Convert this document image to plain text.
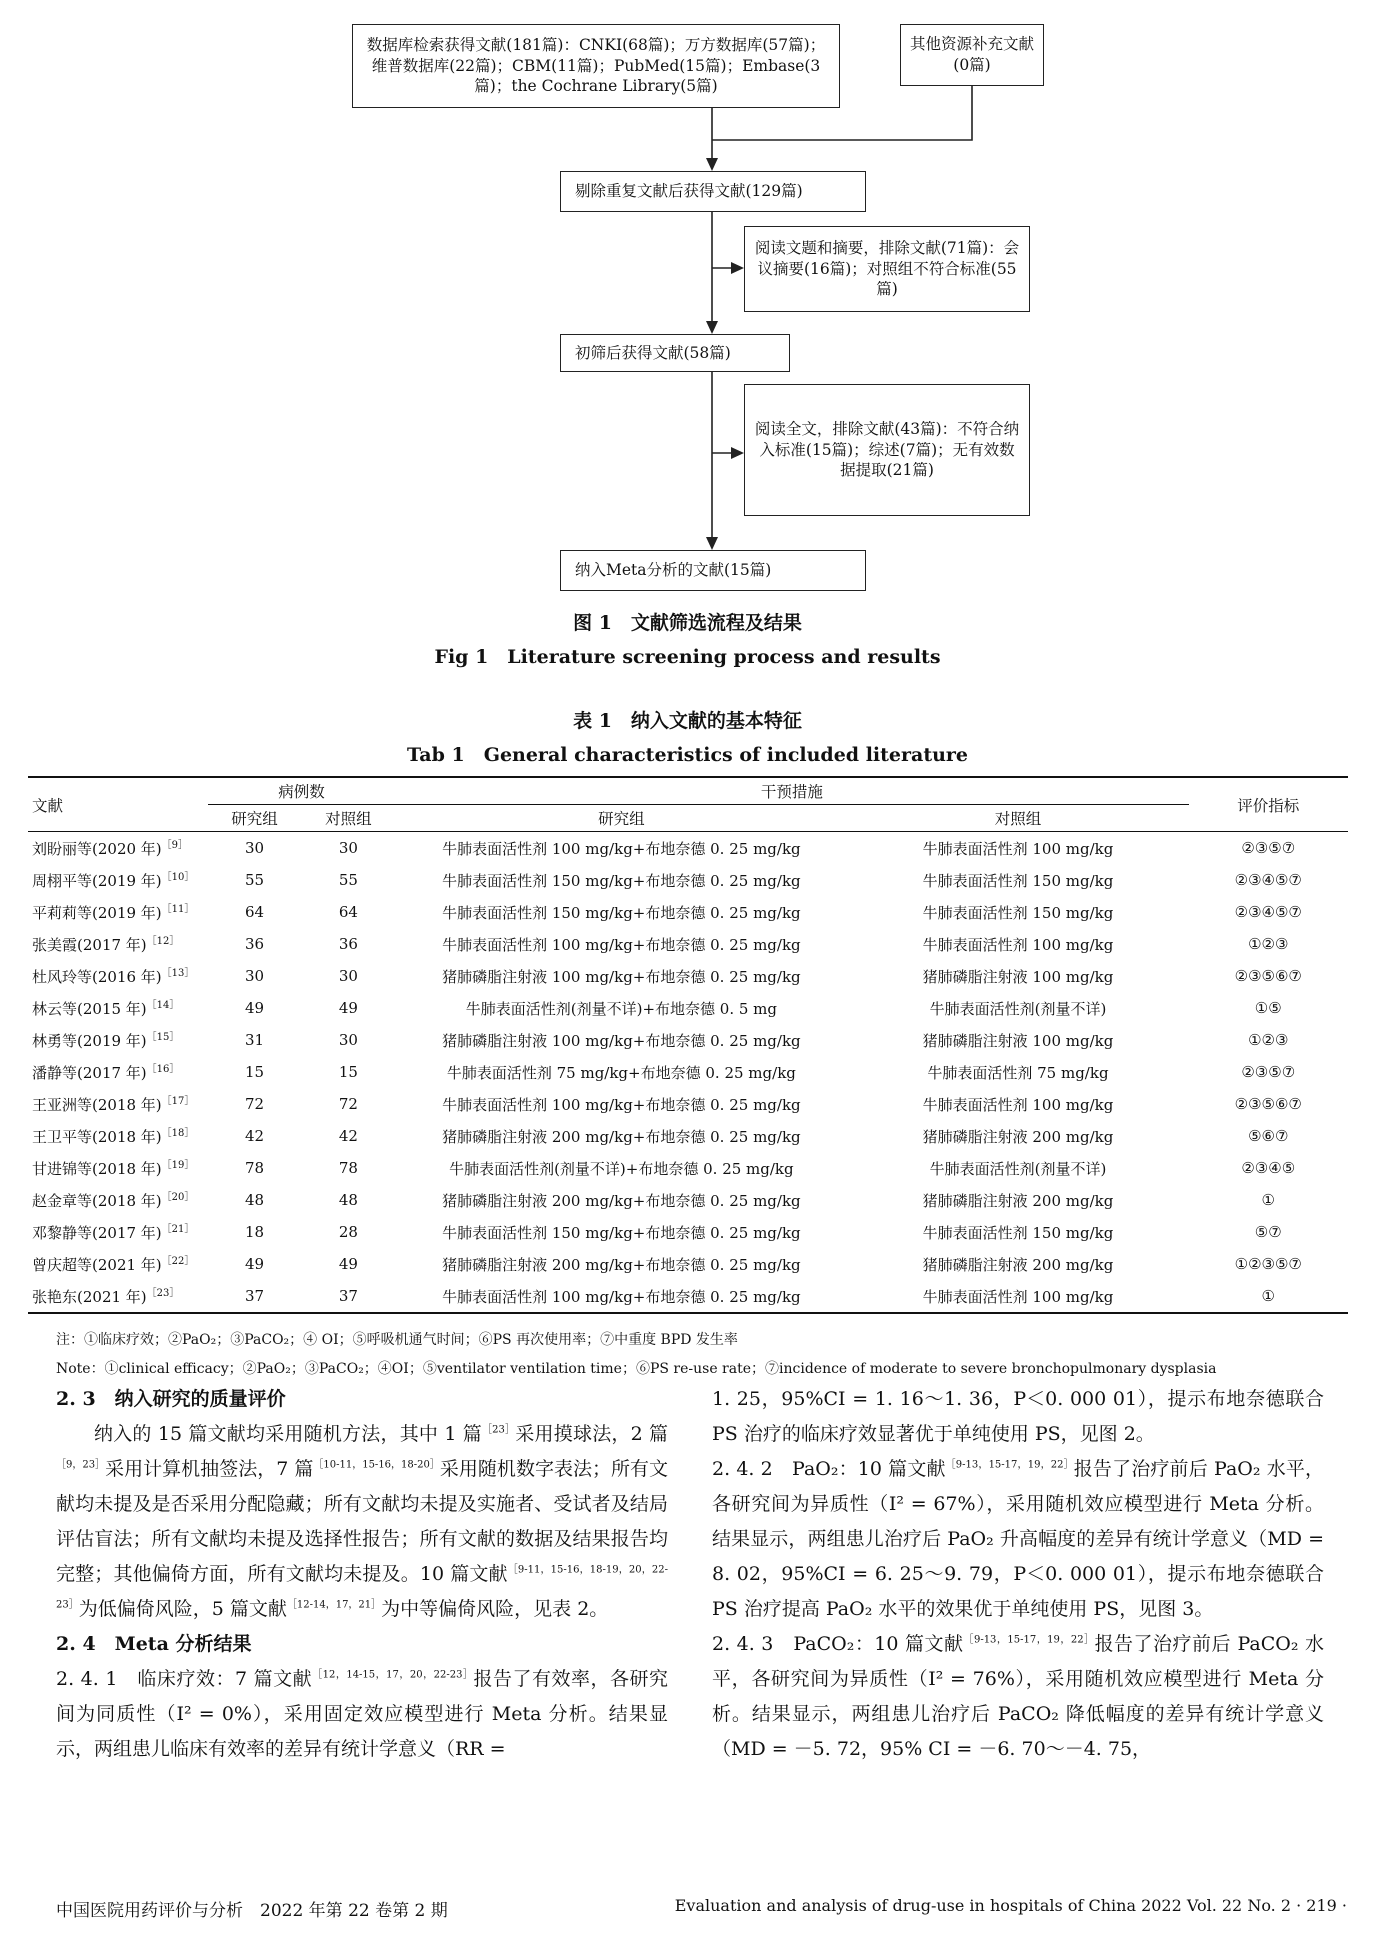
数据库检索获得文献(181篇)：CNKI(68篇)；万方数据库(57篇)；维普数据库(22篇)；CBM(11篇)；PubMed(15篇)；Embase(3篇)；the Cochrane Library(5篇)
其他资源补充文献(0篇)
剔除重复文献后获得文献(129篇)
阅读文题和摘要，排除文献(71篇)：会议摘要(16篇)；对照组不符合标准(55篇)
初筛后获得文献(58篇)
阅读全文，排除文献(43篇)：不符合纳入标准(15篇)；综述(7篇)；无有效数据提取(21篇)
纳入Meta分析的文献(15篇)
图 1　文献筛选流程及结果
Fig 1　Literature screening process and results
表 1　纳入文献的基本特征
Tab 1　General characteristics of included literature
文献	病例数		干预措施		评价指标
	研究组	对照组	研究组	对照组	
刘盼丽等(2020 年)$^{[9]}$	30	30	牛肺表面活性剂 100 mg/kg+布地奈德 0. 25 mg/kg	牛肺表面活性剂 100 mg/kg	②③⑤⑦
周栩平等(2019 年)$^{[10]}$	55	55	牛肺表面活性剂 150 mg/kg+布地奈德 0. 25 mg/kg	牛肺表面活性剂 150 mg/kg	②③④⑤⑦
平莉莉等(2019 年)$^{[11]}$	64	64	牛肺表面活性剂 150 mg/kg+布地奈德 0. 25 mg/kg	牛肺表面活性剂 150 mg/kg	②③④⑤⑦
张美霞(2017 年)$^{[12]}$	36	36	牛肺表面活性剂 100 mg/kg+布地奈德 0. 25 mg/kg	牛肺表面活性剂 100 mg/kg	①②③
杜风玲等(2016 年)$^{[13]}$	30	30	猪肺磷脂注射液 100 mg/kg+布地奈德 0. 25 mg/kg	猪肺磷脂注射液 100 mg/kg	②③⑤⑥⑦
林云等(2015 年)$^{[14]}$	49	49	牛肺表面活性剂(剂量不详)+布地奈德 0. 5 mg	牛肺表面活性剂(剂量不详)	①⑤
林勇等(2019 年)$^{[15]}$	31	30	猪肺磷脂注射液 100 mg/kg+布地奈德 0. 25 mg/kg	猪肺磷脂注射液 100 mg/kg	①②③
潘静等(2017 年)$^{[16]}$	15	15	牛肺表面活性剂 75 mg/kg+布地奈德 0. 25 mg/kg	牛肺表面活性剂 75 mg/kg	②③⑤⑦
王亚洲等(2018 年)$^{[17]}$	72	72	牛肺表面活性剂 100 mg/kg+布地奈德 0. 25 mg/kg	牛肺表面活性剂 100 mg/kg	②③⑤⑥⑦
王卫平等(2018 年)$^{[18]}$	42	42	猪肺磷脂注射液 200 mg/kg+布地奈德 0. 25 mg/kg	猪肺磷脂注射液 200 mg/kg	⑤⑥⑦
甘进锦等(2018 年)$^{[19]}$	78	78	牛肺表面活性剂(剂量不详)+布地奈德 0. 25 mg/kg	牛肺表面活性剂(剂量不详)	②③④⑤
赵金章等(2018 年)$^{[20]}$	48	48	猪肺磷脂注射液 200 mg/kg+布地奈德 0. 25 mg/kg	猪肺磷脂注射液 200 mg/kg	①
邓黎静等(2017 年)$^{[21]}$	18	28	牛肺表面活性剂 150 mg/kg+布地奈德 0. 25 mg/kg	牛肺表面活性剂 150 mg/kg	⑤⑦
曾庆超等(2021 年)$^{[22]}$	49	49	猪肺磷脂注射液 200 mg/kg+布地奈德 0. 25 mg/kg	猪肺磷脂注射液 200 mg/kg	①②③⑤⑦
张艳东(2021 年)$^{[23]}$	37	37	牛肺表面活性剂 100 mg/kg+布地奈德 0. 25 mg/kg	牛肺表面活性剂 100 mg/kg	①
注：①临床疗效；②PaO₂；③PaCO₂；④ OI；⑤呼吸机通气时间；⑥PS 再次使用率；⑦中重度 BPD 发生率
Note：①clinical efficacy；②PaO₂；③PaCO₂；④OI；⑤ventilator ventilation time；⑥PS re-use rate；⑦incidence of moderate to severe bronchopulmonary dysplasia

2. 3　纳入研究的质量评价

纳入的 15 篇文献均采用随机方法，其中 1 篇$^{[23]}$采用摸球法，2 篇$^{[9,23]}$采用计算机抽签法，7 篇$^{[10-11,15-16,18-20]}$采用随机数字表法；所有文献均未提及是否采用分配隐藏；所有文献均未提及实施者、受试者及结局评估盲法；所有文献均未提及选择性报告；所有文献的数据及结果报告均完整；其他偏倚方面，所有文献均未提及。10 篇文献$^{[9-11,15-16,18-19,20,22-23]}$为低偏倚风险，5 篇文献$^{[12-14,17,21]}$为中等偏倚风险，见表 2。

2. 4　Meta 分析结果

2. 4. 1　临床疗效：7 篇文献$^{[12,14-15,17,20,22-23]}$报告了有效率，各研究间为同质性（I² = 0%），采用固定效应模型进行 Meta 分析。结果显示，两组患儿临床有效率的差异有统计学意义（RR =

1. 25，95%CI = 1. 16～1. 36，P＜0. 000 01），提示布地奈德联合 PS 治疗的临床疗效显著优于单纯使用 PS，见图 2。

2. 4. 2　PaO₂：10 篇文献$^{[9-13,15-17,19,22]}$报告了治疗前后 PaO₂ 水平，各研究间为异质性（I² = 67%），采用随机效应模型进行 Meta 分析。结果显示，两组患儿治疗后 PaO₂ 升高幅度的差异有统计学意义（MD = 8. 02，95%CI = 6. 25～9. 79，P＜0. 000 01），提示布地奈德联合 PS 治疗提高 PaO₂ 水平的效果优于单纯使用 PS，见图 3。

2. 4. 3　PaCO₂：10 篇文献$^{[9-13,15-17,19,22]}$报告了治疗前后 PaCO₂ 水平，各研究间为异质性（I² = 76%），采用随机效应模型进行 Meta 分析。结果显示，两组患儿治疗后 PaCO₂ 降低幅度的差异有统计学意义（MD = －5. 72，95% CI = －6. 70～－4. 75，

中国医院用药评价与分析　2022 年第 22 卷第 2 期	Evaluation and analysis of drug-use in hospitals of China 2022 Vol. 22 No. 2 · 219 ·
